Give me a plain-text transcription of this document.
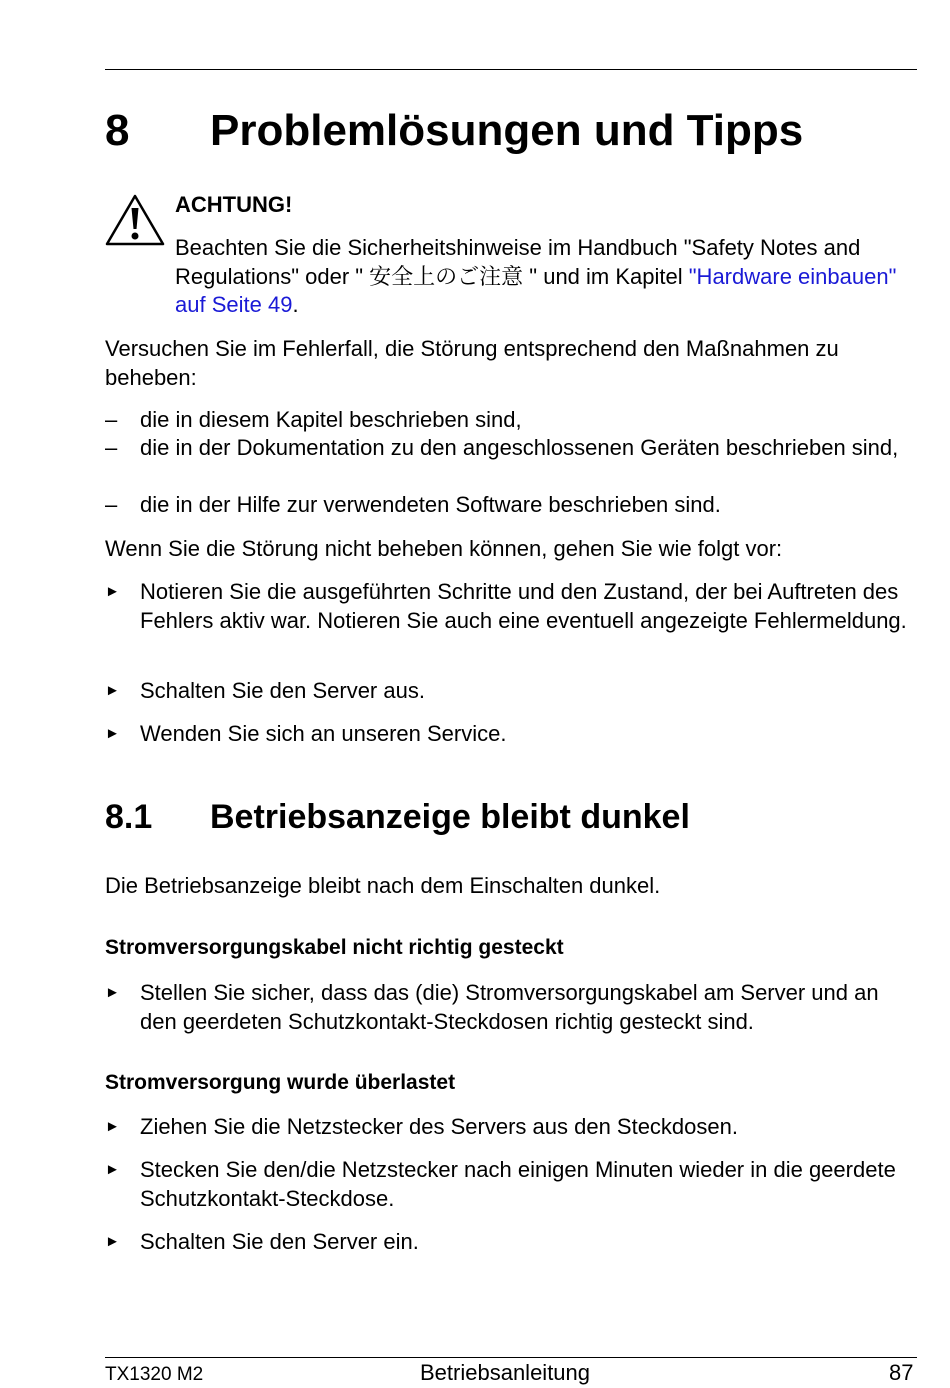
8 Problemlösungen und Tipps
ACHTUNG!
Beachten Sie die Sicherheitshinweise im Handbuch "Safety Notes and Regulations" oder " 安全上のご注意 " und im Kapitel "Hardware einbauen" auf Seite 49.
Versuchen Sie im Fehlerfall, die Störung entsprechend den Maßnahmen zu beheben:
–	die in diesem Kapitel beschrieben sind,
–	die in der Dokumentation zu den angeschlossenen Geräten beschrieben sind,
–	die in der Hilfe zur verwendeten Software beschrieben sind.
Wenn Sie die Störung nicht beheben können, gehen Sie wie folgt vor:
► Notieren Sie die ausgeführten Schritte und den Zustand, der bei Auftreten des Fehlers aktiv war. Notieren Sie auch eine eventuell angezeigte Fehlermeldung.
► Schalten Sie den Server aus.
► Wenden Sie sich an unseren Service.
8.1 Betriebsanzeige bleibt dunkel
Die Betriebsanzeige bleibt nach dem Einschalten dunkel.
Stromversorgungskabel nicht richtig gesteckt
► Stellen Sie sicher, dass das (die) Stromversorgungskabel am Server und an den geerdeten Schutzkontakt-Steckdosen richtig gesteckt sind.
Stromversorgung wurde überlastet
► Ziehen Sie die Netzstecker des Servers aus den Steckdosen.
► Stecken Sie den/die Netzstecker nach einigen Minuten wieder in die geerdete Schutzkontakt-Steckdose.
► Schalten Sie den Server ein.
TX1320 M2	Betriebsanleitung	87
